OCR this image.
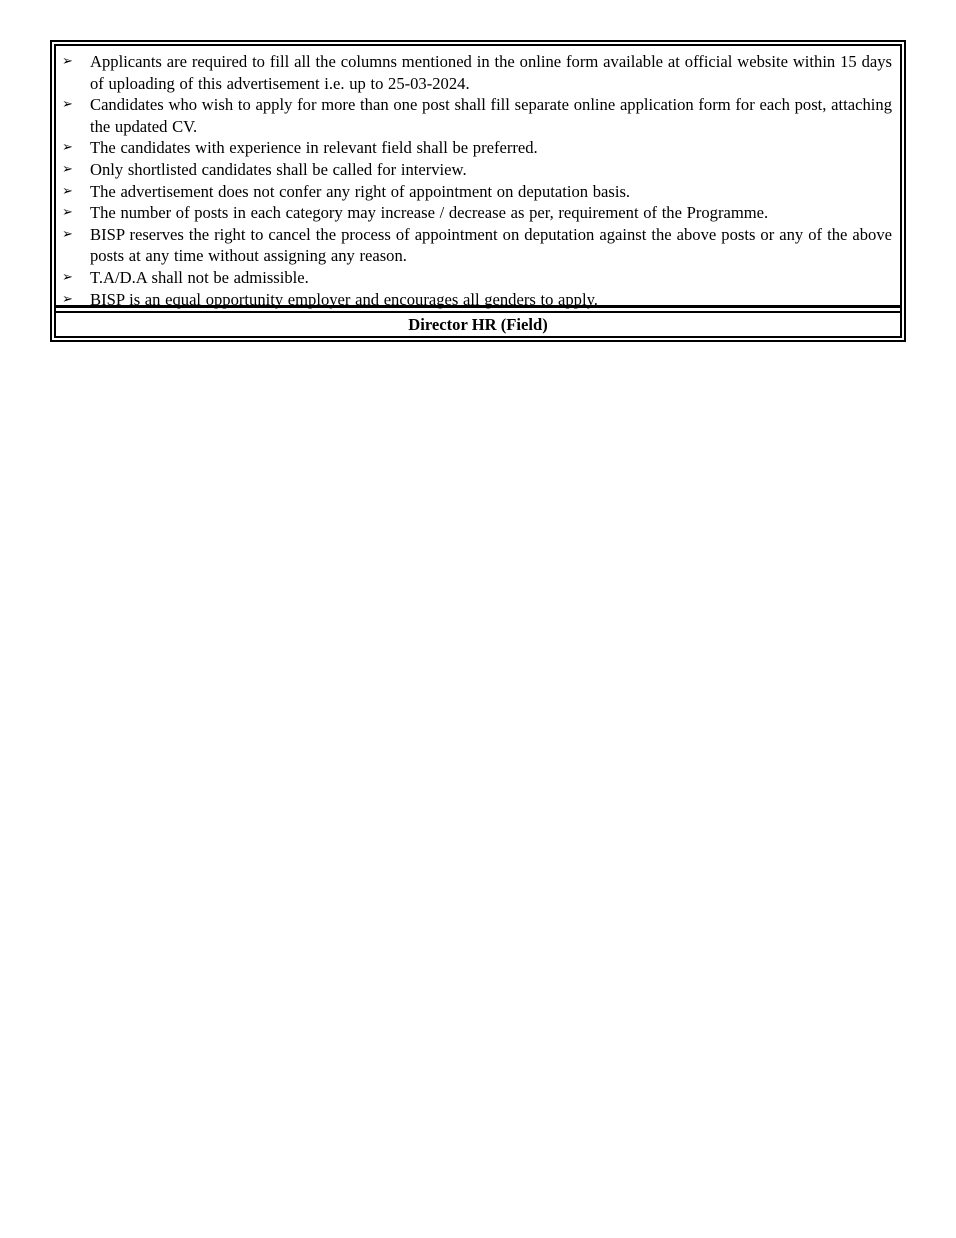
➢ Applicants are required to fill all the columns mentioned in the online form available at official website within 15 days of uploading of this advertisement i.e. up to 25-03-2024.
➢ Candidates who wish to apply for more than one post shall fill separate online application form for each post, attaching the updated CV.
➢ The candidates with experience in relevant field shall be preferred.
➢ Only shortlisted candidates shall be called for interview.
➢ The advertisement does not confer any right of appointment on deputation basis.
➢ The number of posts in each category may increase / decrease as per, requirement of the Programme.
➢ BISP reserves the right to cancel the process of appointment on deputation against the above posts or any of the above posts at any time without assigning any reason.
➢ T.A/D.A shall not be admissible.
➢ BISP is an equal opportunity employer and encourages all genders to apply.
Director HR (Field)
